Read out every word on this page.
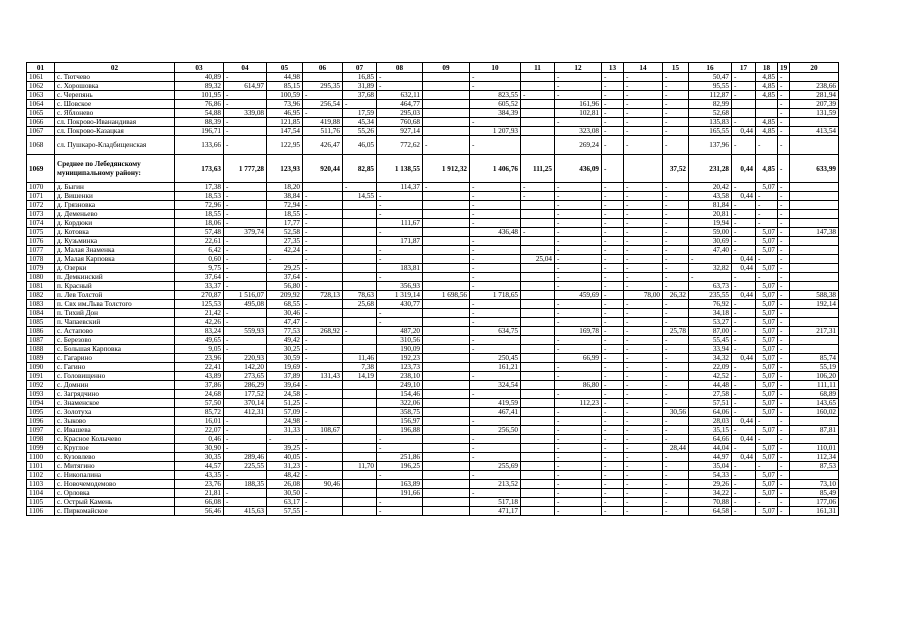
01	02	03	04	05	06	07	08	09	10	11	12	13	14	15	16	17	18	19	20
1061	с. Тютчево	40,89	-	44,98		16,85	-		-		-	-	-	-	50,47	-	4,85	-	
1062	с. Хорошовка	89,32	614,97	85,15	295,35	31,89	-		-		-	-	-	-	95,55	-	4,85	-	238,66
1063	с. Черепянь	101,95	-	100,59	-	37,68	632,11		823,55	-	-	-	-	-	112,87	-	4,85	-	281,94
1064	с. Шовское	76,86	-	73,96	256,54	-	464,77		605,52		161,96	-	-	-	82,99			-	207,39
1065	с. Яблонево	54,88	339,08	46,95	-	17,59	295,03		384,39		102,81	-	-	-	52,68			-	131,59
1066	сл. Покрово-Иванандивая	88,39	-	121,85	419,88	45,34	760,68		-		-	-	-	-	135,83	-	4,85	-	
1067	сл. Покрово-Казацкая	196,71	-	147,54	511,76	55,26	927,14		1 207,93		323,08	-	-	-	165,55	0,44	4,85	-	413,54
1068	сл. Пушкаро-Кладбищенская	133,66	-	122,95	426,47	46,05	772,62	-	-		269,24	-	-	-	137,96	-	-	-	
1069	Среднее по Лебедянскому муниципальному району:	173,63	1 777,28	123,93	920,44	82,85	1 138,55	1 912,32	1 406,76	111,25	436,09	-		37,52	231,28	0,44	4,85	-	633,99
1070	д. Быгин	17,38	-	18,20		-	114,37	-	-	-	-	-	-	-	20,42	-	5,07	-	
1071	д. Вишенки	18,53	-	38,84	-	14,55	-		-	-	-	-	-	-	43,58	0,44	-	-	
1072	д. Грязновка	72,96	-	72,94	-		-		-		-	-	-	-	81,84	-	-	-	
1073	д. Деменьево	18,55	-	18,55	-		-		-		-	-	-	-	20,81	-	-	-	
1074	д. Кордюки	18,06	-	17,77	-		111,67		-		-	-	-	-	19,94	-	-	-	
1075	д. Котовка	57,48	379,74	52,58	-		-		436,48	-	-	-	-	-	59,00	-	5,07	-	147,38
1076	д. Кузьминка	22,61	-	27,35	-		171,87		-		-	-	-	-	30,69	-	5,07	-	
1077	д. Малая Знаменка	6,42	-	42,24	-		-		-		-	-	-	-	47,40	-	5,07	-	
1078	д. Малая Карповка	0,60	-	-	-		-		-	25,04	-	-	-	-	-	0,44	-	-	
1079	д. Озерки	9,75	-	29,25	-		183,81		-		-	-	-	-	32,82	0,44	5,07	-	
1080	п. Демкинский	37,64	-	37,64	-		-		-		-	-	-	-	-	-	-	-	
1081	п. Красный	33,37	-	56,80	-		356,93		-		-	-	-	-	63,73	-	5,07	-	
1082	п. Лев Толстой	270,87	1 516,07	209,92	728,13	78,63	1 319,14	1 698,56	1 718,65		459,69	-	78,00	26,32	235,55	0,44	5,07	-	588,38
1083	п. Свх им.Льва Толстого	125,53	495,08	68,55	-	25,68	430,77		-		-	-	-	-	76,92	-	5,07	-	192,14
1084	п. Тихий Дон	21,42	-	30,46	-		-		-		-	-	-	-	34,18	-	5,07	-	
1085	п. Чапаевский	42,26	-	47,47	-		-		-		-	-	-	-	53,27	-	5,07	-	
1086	с. Астапово	83,24	559,93	77,53	268,92	-	487,20		634,75		169,78	-	-	25,78	87,00	-	5,07	-	217,31
1087	с. Березово	49,65	-	49,42	-		310,56		-		-	-	-	-	55,45	-	5,07	-	
1088	с. Большая Карповка	9,05	-	30,25	-		190,09		-		-	-	-	-	33,94	-	5,07	-	
1089	с. Гагарино	23,96	220,93	30,59	-	11,46	192,23		250,45		66,99	-	-	-	34,32	0,44	5,07	-	85,74
1090	с. Гагино	22,41	142,20	19,69	-	7,38	123,73		161,21		-	-	-	-	22,09	-	5,07	-	55,19
1091	с. Головищенно	43,89	273,65	37,89	131,43	14,19	238,10		-		-	-	-	-	42,52	-	5,07	-	106,20
1092	с. Домнин	37,86	286,29	39,64	-		249,10		324,54		86,80	-	-	-	44,48	-	5,07	-	111,11
1093	с. Загрядчино	24,68	177,52	24,58	-		154,46		-		-	-	-	-	27,58	-	5,07	-	68,89
1094	с. Знаменское	57,50	370,14	51,25	-		322,06		419,59		112,23	-	-	-	57,51	-	5,07	-	143,65
1095	с. Золотуха	85,72	412,31	57,09	-		358,75		467,41		-	-	-	30,56	64,06	-	5,07	-	160,02
1096	с. Зыково	16,01	-	24,98	-		156,97		-		-	-	-	-	28,03	0,44	-	-	
1097	с. Ивашева	22,07	-	31,33	108,67		196,88		256,50		-	-	-	-	35,15	-	5,07	-	87,81
1098	с. Красное Колычево	0,46	-	-	-		-		-		-	-	-	-	64,66	0,44	-	-	
1099	с. Круглое	30,90	-	39,25	-		-		-		-	-	-	28,44	44,04	-	5,07	-	110,01
1100	с. Кузовлево	30,35	289,46	40,05	-		251,86		-		-	-	-	-	44,97	0,44	5,07	-	112,34
1101	с. Митягино	44,57	225,55	31,23	-	11,70	196,25		255,69		-	-	-	-	35,04	-	-	-	87,53
1102	с. Никопалина	43,35	-	48,42	-		-		-		-	-	-	-	54,33	-	5,07	-	
1103	с. Новочемодемово	23,76	188,35	26,08	90,46		163,89		213,52		-	-	-	-	29,26	-	5,07	-	73,10
1104	с. Орловка	21,81	-	30,50	-		191,66		-		-	-	-	-	34,22	-	5,07	-	85,49
1105	с. Острый Камень	66,08	-	63,17	-		-		517,18		-	-	-	-	70,88	-	-	-	177,06
1106	с. Пиркомайское	56,46	415,63	57,55	-		-		471,17		-	-	-	-	64,58	-	5,07	-	161,31
